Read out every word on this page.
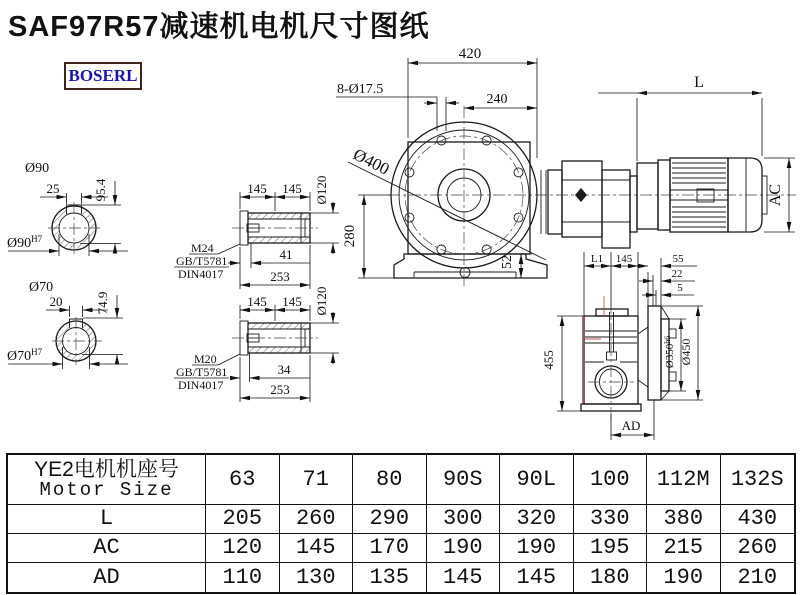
Ø90
25	95.4
$Ø90^{H7}$
Ø70
20	74.9
$Ø70^{H7}$
145 145 Ø120
M24
GB/T5781
DIN4017
41
253
145 145 Ø120
M20
GB/T5781
DIN4017
34
253
Ø400
420
8-Ø17.5
240
280
52
L
AC
L1 145	55
22
5
455	$Ø350^{h6}$ Ø450
AD
SAF97R57减速机电机尺寸图纸
BOSERL
YE2电机机座号
Motor Size	63	71	80	90S	90L	100	112M 132S
L	205	260	290	300	320	330	380	430
AC	120	145	170	190	190	195	215	260
AD	110	130	135	145	145	180	190	210
